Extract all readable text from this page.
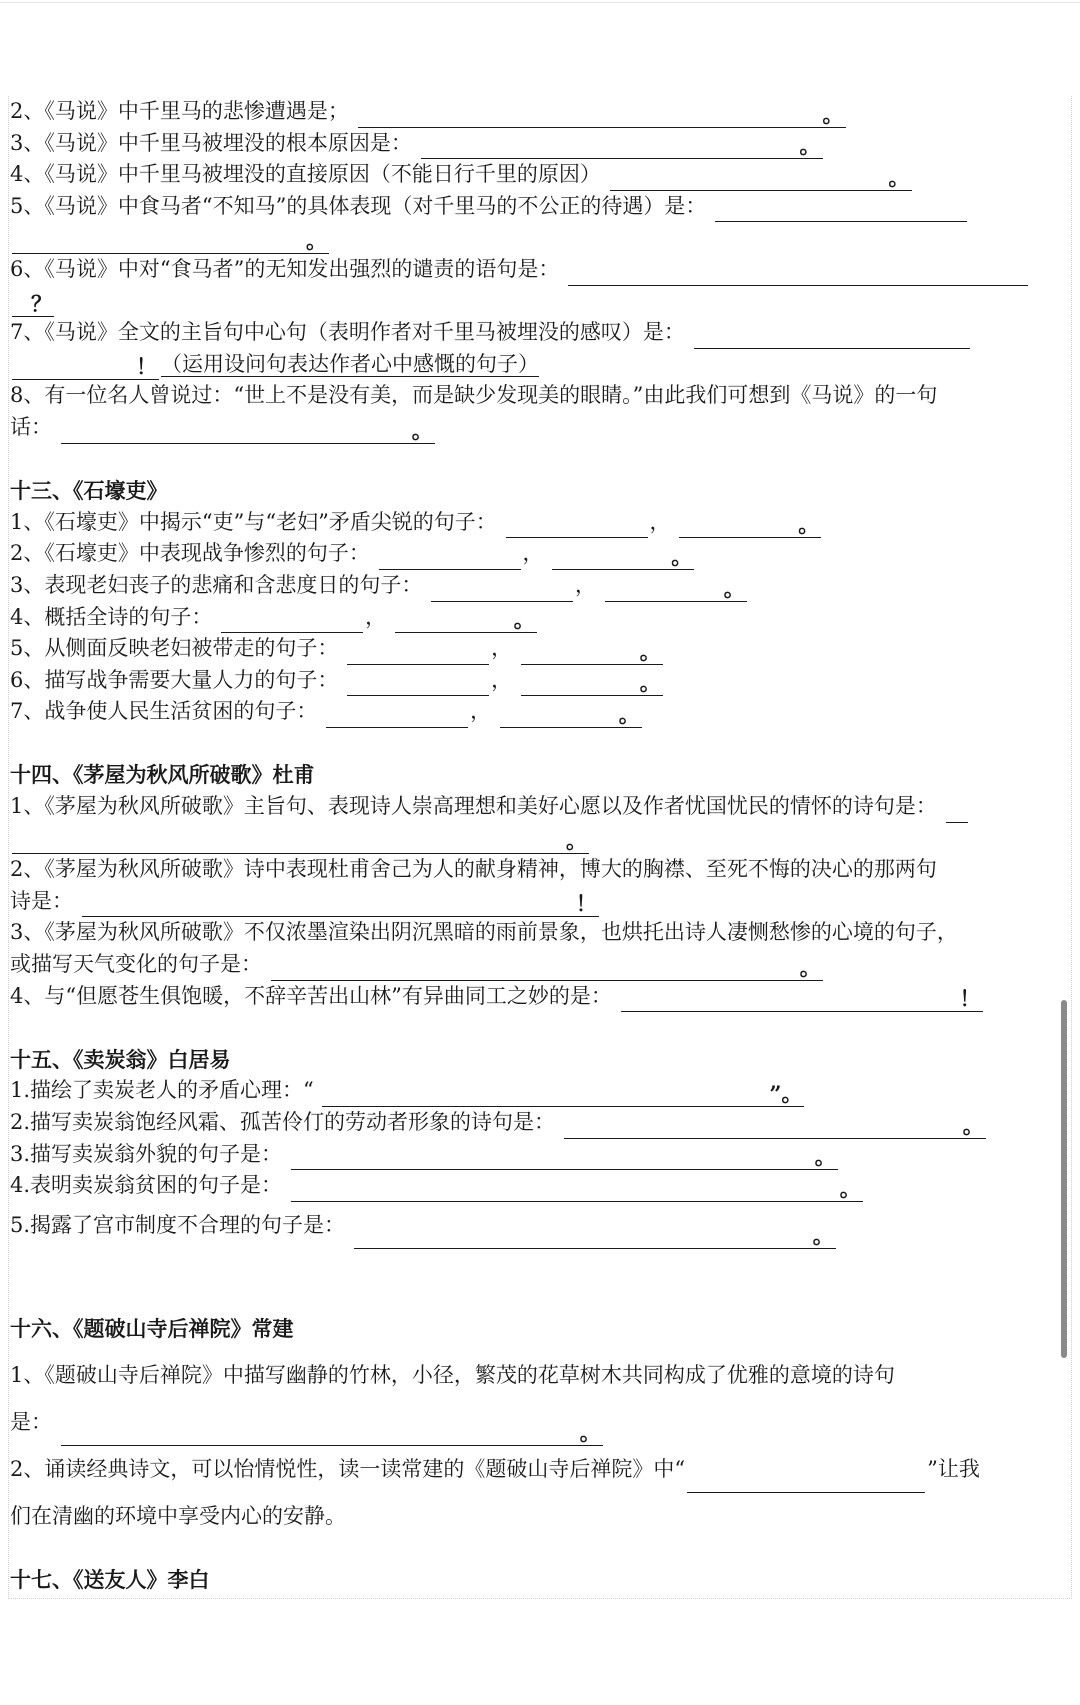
2、《马说》中千里马的悲惨遭遇是；	。
3、《马说》中千里马被埋没的根本原因是：	。
4、《马说》中千里马被埋没的直接原因（不能日行千里的原因）	。
5、《马说》中食马者“不知马”的具体表现（对千里马的不公正的待遇）是：
。
6、《马说》中对“食马者”的无知发出强烈的谴责的语句是：
？
7、《马说》全文的主旨句中心句（表明作者对千里马被埋没的感叹）是：
！ （运用设问句表达作者心中感慨的句子）
8、有一位名人曾说过：“世上不是没有美，而是缺少发现美的眼睛。”由此我们可想到《马说》的一句
话：	。
十三、《石壕吏》
1、《石壕吏》中揭示“吏”与“老妇”矛盾尖锐的句子：	，	。
2、《石壕吏》中表现战争惨烈的句子：	，	。
3、表现老妇丧子的悲痛和含悲度日的句子：	，	。
4、概括全诗的句子：	，	。
5、从侧面反映老妇被带走的句子：	，	。
6、描写战争需要大量人力的句子：	，	。
7、战争使人民生活贫困的句子：	，	。
十四、《茅屋为秋风所破歌》杜甫
1、《茅屋为秋风所破歌》主旨句、表现诗人崇高理想和美好心愿以及作者忧国忧民的情怀的诗句是：
。
2、《茅屋为秋风所破歌》诗中表现杜甫舍己为人的献身精神，博大的胸襟、至死不悔的决心的那两句
诗是：	！
3、《茅屋为秋风所破歌》不仅浓墨渲染出阴沉黑暗的雨前景象，也烘托出诗人凄恻愁惨的心境的句子，
或描写天气变化的句子是：	。
4、与“但愿苍生俱饱暖，不辞辛苦出山林”有异曲同工之妙的是：	！
十五、《卖炭翁》白居易
1.描绘了卖炭老人的矛盾心理：“	”。
2.描写卖炭翁饱经风霜、孤苦伶仃的劳动者形象的诗句是：	。
3.描写卖炭翁外貌的句子是：	。
4.表明卖炭翁贫困的句子是：	。
5.揭露了宫市制度不合理的句子是：	。
十六、《题破山寺后禅院》常建
1、《题破山寺后禅院》中描写幽静的竹林，小径，繁茂的花草树木共同构成了优雅的意境的诗句
是：	。
2、诵读经典诗文，可以怡情悦性，读一读常建的《题破山寺后禅院》中“	”让我
们在清幽的环境中享受内心的安静。
十七、《送友人》李白
